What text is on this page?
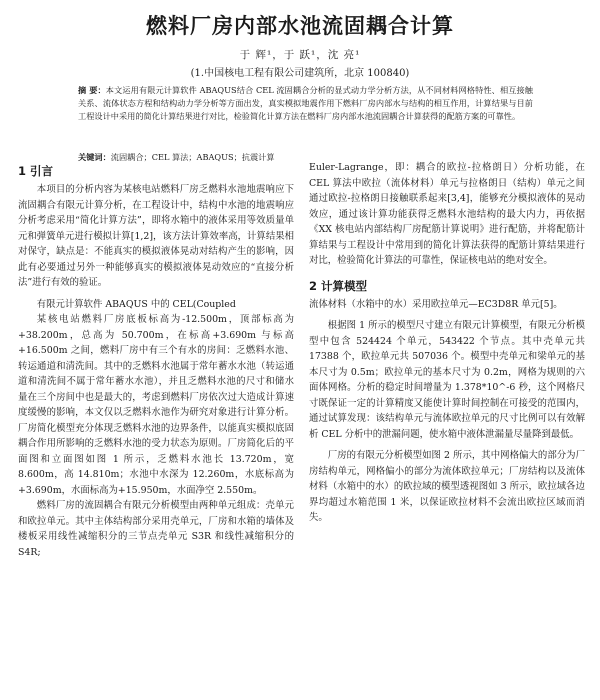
燃料厂房内部水池流固耦合计算
于 辉¹，于 跃¹，沈 亮¹
(1.中国核电工程有限公司建筑所，北京 100840)
摘 要：本文运用有限元计算软件 ABAQUS结合 CEL 流固耦合分析的显式动力学分析方法，从不同材料网格特性、相互接触关系、流体状态方程和结构动力学分析等方面出发，真实模拟地震作用下燃料厂房内部水与结构的相互作用，计算结果与目前工程设计中采用的简化计算结果进行对比，检验简化计算方法在燃料厂房内部水池流固耦合计算获得的配筋方案的可靠性。
关键词：流固耦合；CEL 算法；ABAQUS；抗震计算
1 引言

本项目的分析内容为某核电站燃料厂房乏燃料水池地震响应下流固耦合有限元计算分析，在工程设计中，结构中水池的地震响应分析考虑采用“简化计算方法”，即将水箱中的液体采用等效质量单元和弹簧单元进行模拟计算[1,2]，该方法计算效率高，计算结果相对保守，缺点是：不能真实的模拟液体晃动对结构产生的影响，因此有必要通过另外一种能够真实的模拟液体晃动效应的“直接分析法”进行有效的验证。

有限元计算软件 ABAQUS 中的 CEL(Coupled

某核电站燃料厂房底板标高为-12.500m，顶部标高为+38.200m，总高为 50.700m，在标高+3.690m 与标高+16.500m 之间，燃料厂房中有三个有水的房间：乏燃料水池、转运通道和清洗间。其中的乏燃料水池属于常年蓄水水池（转运通道和清洗间不属于常年蓄水水池），并且乏燃料水池的尺寸和储水量在三个房间中也是最大的，考虑到燃料厂房依次过大造成计算速度缓慢的影响，本文仅以乏燃料水池作为研究对象进行计算分析。厂房简化模型充分体现乏燃料水池的边界条件，以能真实模拟底固耦合作用所影响的乏燃料水池的受力状态为原则。厂房简化后的平面图和立面图如图 1 所示，乏燃料水池长 13.720m，宽 8.600m，高 14.810m；水池中水深为 12.260m，水底标高为+3.690m，水面标高为+15.950m，水面净空 2.550m。

燃料厂房的流固耦合有限元分析模型由两种单元组成：壳单元和欧拉单元。其中主体结构部分采用壳单元，厂房和水箱的墙体及楼板采用线性减缩积分的三节点壳单元 S3R 和线性减缩积分的 S4R;

Euler-Lagrange，即：耦合的欧拉-拉格朗日）分析功能，在 CEL 算法中欧拉（流体材料）单元与拉格朗日（结构）单元之间通过欧拉-拉格朗日接触联系起来[3,4]，能够充分模拟液体的晃动效应，通过该计算功能获得乏燃料水池结构的最大内力，再依据《XX 核电站内部结构厂房配筋计算说明》进行配筋，并将配筋计算结果与工程设计中常用到的简化计算法获得的配筋计算结果进行对比，检验简化计算法的可靠性，保证核电站的绝对安全。

2 计算模型

流体材料（水箱中的水）采用欧拉单元—EC3D8R 单元[5]。

根据图 1 所示的模型尺寸建立有限元计算模型，有限元分析模型中包含 524424 个单元，543422 个节点。其中壳单元共 17388 个，欧拉单元共 507036 个。模型中壳单元和梁单元的基本尺寸为 0.5m；欧拉单元的基本尺寸为 0.2m，网格为规则的六面体网格。分析的稳定时间增量为 1.378*10^-6 秒，这个网格尺寸既保证一定的计算精度又能使计算时间控制在可接受的范围内，通过试算发现：该结构单元与流体欧拉单元的尺寸比例可以有效解析 CEL 分析中的泄漏问题，使水箱中液体泄漏量尽量降到最低。

厂房的有限元分析模型如图 2 所示，其中网格偏大的部分为厂房结构单元，网格偏小的部分为流体欧拉单元；厂房结构以及流体材料（水箱中的水）的欧拉域的模型透视图如 3 所示，欧拉域各边界均超过水箱范围 1 米，以保证欧拉材料不会流出欧拉区域而消失。
